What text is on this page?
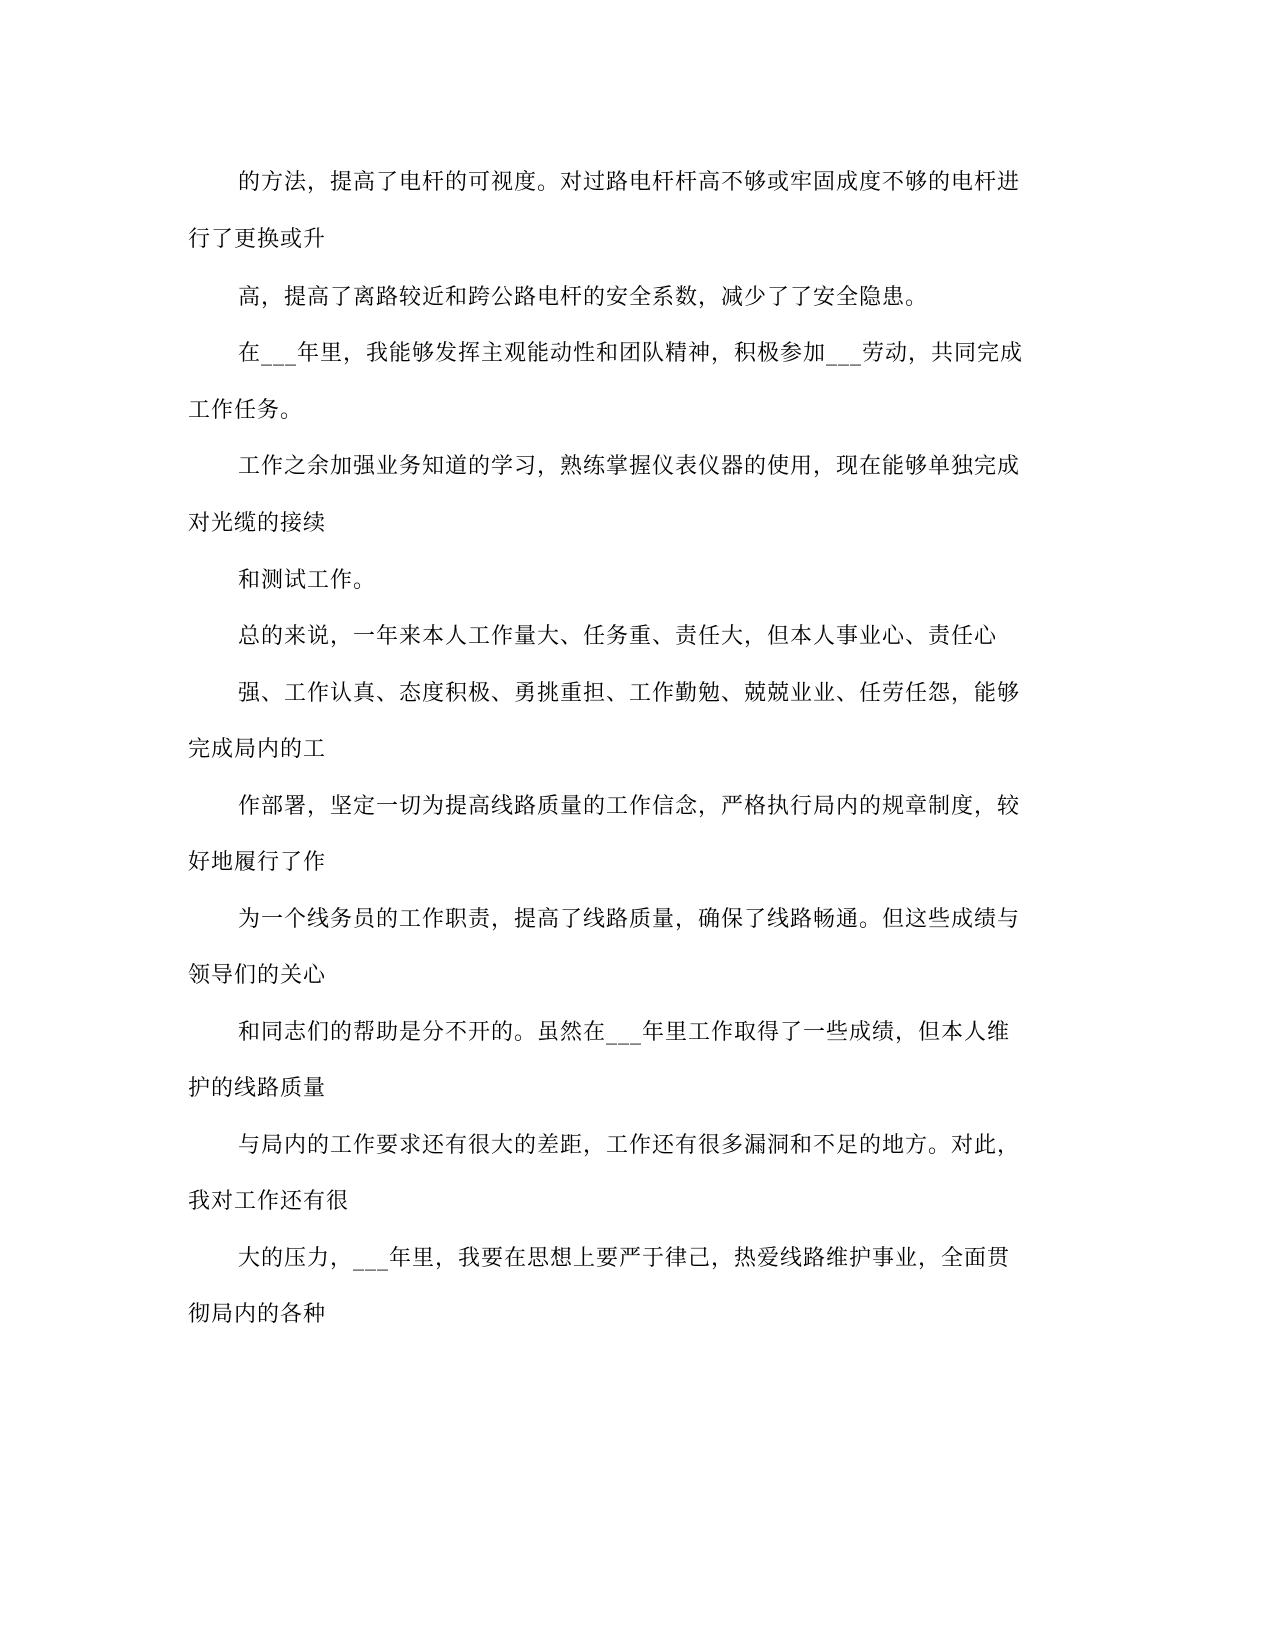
的方法，提高了电杆的可视度。对过路电杆杆高不够或牢固成度不够的电杆进
行了更换或升
高，提高了离路较近和跨公路电杆的安全系数，减少了了安全隐患。
在___年里，我能够发挥主观能动性和团队精神，积极参加___劳动，共同完成
工作任务。
工作之余加强业务知道的学习，熟练掌握仪表仪器的使用，现在能够单独完成
对光缆的接续
和测试工作。
总的来说，一年来本人工作量大、任务重、责任大，但本人事业心、责任心
强、工作认真、态度积极、勇挑重担、工作勤勉、兢兢业业、任劳任怨，能够
完成局内的工
作部署，坚定一切为提高线路质量的工作信念，严格执行局内的规章制度，较
好地履行了作
为一个线务员的工作职责，提高了线路质量，确保了线路畅通。但这些成绩与
领导们的关心
和同志们的帮助是分不开的。虽然在___年里工作取得了一些成绩，但本人维
护的线路质量
与局内的工作要求还有很大的差距，工作还有很多漏洞和不足的地方。对此，
我对工作还有很
大的压力，___年里，我要在思想上要严于律己，热爱线路维护事业，全面贯
彻局内的各种
